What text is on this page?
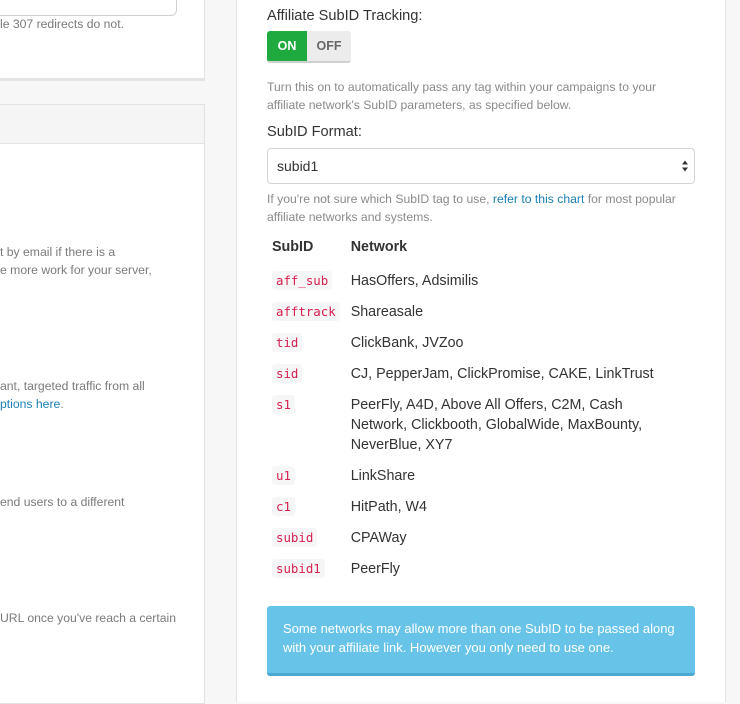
le 307 redirects do not.
t by email if there is a
e more work for your server,
ant, targeted traffic from all
ptions here.
end users to a different
URL once you've reach a certain
Affiliate SubID Tracking:
ON	OFF
Turn this on to automatically pass any tag within your campaigns to your affiliate network's SubID parameters, as specified below.
SubID Format:
subid1
If you're not sure which SubID tag to use, refer to this chart for most popular affiliate networks and systems.
SubID	Network
aff_sub	HasOffers, Adsimilis
afftrack	Shareasale
tid	ClickBank, JVZoo
sid	CJ, PepperJam, ClickPromise, CAKE, LinkTrust
s1	PeerFly, A4D, Above All Offers, C2M, Cash Network, Clickbooth, GlobalWide, MaxBounty, NeverBlue, XY7
u1	LinkShare
c1	HitPath, W4
subid	CPAWay
subid1	PeerFly
Some networks may allow more than one SubID to be passed along with your affiliate link. However you only need to use one.
